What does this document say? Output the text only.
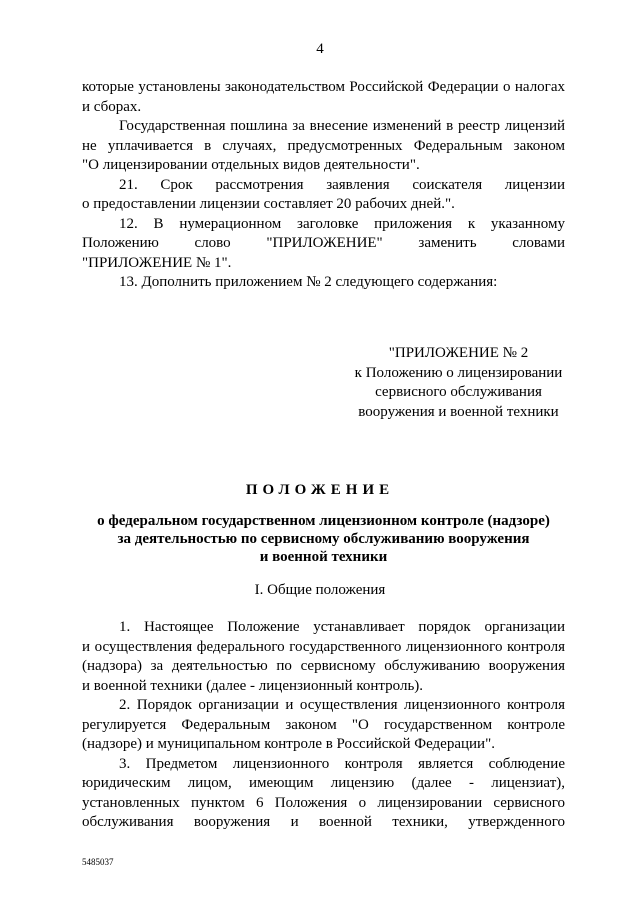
4
которые установлены законодательством Российской Федерации о налогах
и сборах.
Государственная пошлина за внесение изменений в реестр лицензий
не уплачивается в случаях, предусмотренных Федеральным законом
"О лицензировании отдельных видов деятельности".
21. Срок рассмотрения заявления соискателя лицензии
о предоставлении лицензии составляет 20 рабочих дней.".
12. В нумерационном заголовке приложения к указанному
Положению слово "ПРИЛОЖЕНИЕ" заменить словами
"ПРИЛОЖЕНИЕ № 1".
13. Дополнить приложением № 2 следующего содержания:
"ПРИЛОЖЕНИЕ № 2
к Положению о лицензировании
сервисного обслуживания
вооружения и военной техники
ПОЛОЖЕНИЕ
о федеральном государственном лицензионном контроле (надзоре)
за деятельностью по сервисному обслуживанию вооружения
и военной техники
I. Общие положения
1. Настоящее Положение устанавливает порядок организации
и осуществления федерального государственного лицензионного контроля
(надзора) за деятельностью по сервисному обслуживанию вооружения
и военной техники (далее - лицензионный контроль).
2. Порядок организации и осуществления лицензионного контроля
регулируется Федеральным законом "О государственном контроле
(надзоре) и муниципальном контроле в Российской Федерации".
3. Предметом лицензионного контроля является соблюдение
юридическим лицом, имеющим лицензию (далее - лицензиат),
установленных пунктом 6 Положения о лицензировании сервисного
обслуживания вооружения и военной техники, утвержденного
5485037
